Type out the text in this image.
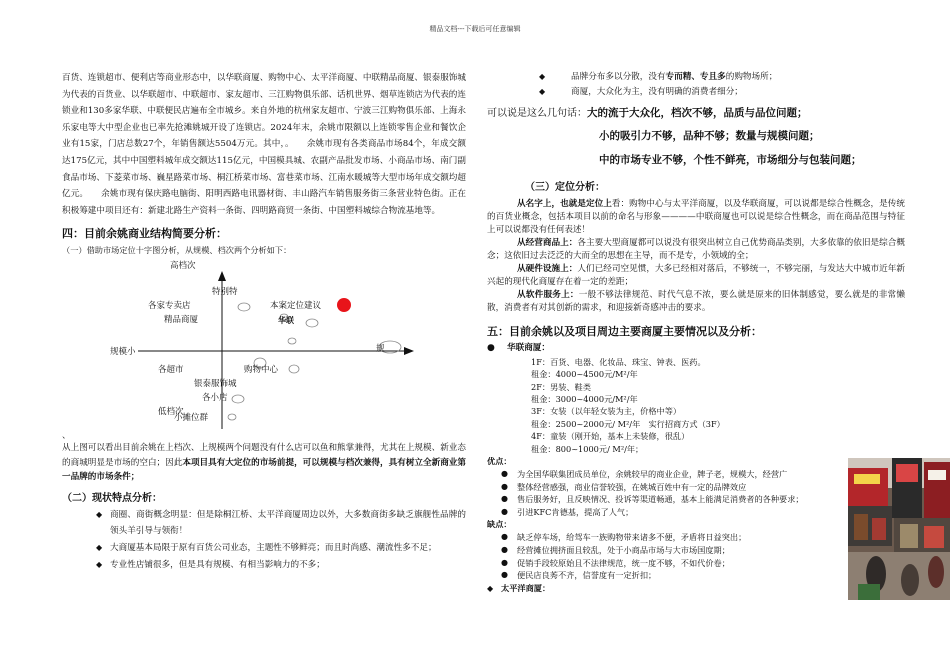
精品文档---下载后可任意编辑
百货、连锁超市、便利店等商业形态中，以华联商厦、购物中心、太平洋商厦、中联精品商厦、银泰服饰城为代表的百货业、以华联超市、中联超市、家友超市、三江购物俱乐部、话机世界、烟草连锁店为代表的连锁业和130多家华联、中联便民店遍布全市城乡。来自外地的杭州家友超市、宁波三江购物俱乐部、上海永乐家电等大中型企业也已率先抢滩姚城开设了连锁店。2024年末，余姚市限额以上连锁零售企业和餐饮企业有15家，门店总数27个，年销售额达5504万元。其中，。　　余姚市现有各类商品市场84个，年成交额达175亿元，其中中国塑料城年成交额达115亿元，中国模具城、农副产品批发市场、小商品市场、南门副食品市场、下菱菜市场、巍星路菜市场、桐江桥菜市场、富巷菜市场、江南水暖城等大型市场年成交额均超亿元。　　余姚市现有保庆路电脑街、阳明西路电讯器材街、丰山路汽车销售服务街三条营业特色街。正在积极筹建中项目还有：新建北路生产资料一条街、四明路商贸一条街、中国塑料城综合物流基地等。
四：目前余姚商业结构简要分析：
（一）借助市场定位十字图分析，从规模、档次两个分析如下：
高档次
低档次
规模小	规
特别特
各家专卖店
精品商厦
本案定位建议
华联
各超市	购物中心
银泰服饰城
各小店
小摊位群
、
从上图可以看出目前余姚在上档次、上规模两个问题没有什么店可以鱼和熊掌兼得，尤其在上规模、新业态的商城明显是市场的空白；因此本项目具有大定位的市场前提，可以规模与档次兼得，具有树立全新商业第一品牌的市场条件；
（二）现状特点分析：
◆ 商圈、商街概念明显：但是除桐江桥、太平洋商厦周边以外，大多数商街多缺乏旗舰性品牌的领头羊引导与领衔！
◆ 大商厦基本局限于原有百货公司业态，主题性不够鲜亮；而且时尚感、潮流性多不足；
◆ 专业性店铺很多，但是具有规模、有相当影响力的不多；
◆	品牌分布多以分散，没有专而精、专且多的购物场所；
◆	商厦，大众化为主，没有明确的消费者细分；
可以说是这么几句话：大的流于大众化，档次不够，品质与品位问题；
小的吸引力不够，品种不够；数量与规模问题；
中的市场专业不够，个性不鲜亮，市场细分与包装问题；
（三）定位分析：
从名字上，也就是定位上看：购物中心与太平洋商厦，以及华联商厦，可以说都是综合性概念，是传统的百货业概念，包括本项目以前的命名与形象————中联商厦也可以说是综合性概念，而在商品范围与特征上可以说都没有任何表述！
从经营商品上：各主要大型商厦都可以说没有很突出树立自己优势商品类别，大多依靠的依旧是综合概念；这依旧过去泛泛的大而全的思想在主导，而不是专，小领域的全；
从硬件设施上：人们已经司空见惯，大多已经相对落后，不够统一，不够完丽，与发达大中城市近年新兴起的现代化商厦存在着一定的差距；
从软件服务上：一般不够法律规范、时代气息不浓，要么就是原来的旧体制感觉，要么就是的非常懒散，消费者有对其创新的需求，和迎接新奇感冲击的要求。
五：目前余姚以及项目周边主要商厦主要情况以及分析：
● 华联商厦：
1F：百货、电器、化妆品、珠宝、钟表、医药。
租金：4000~4500元/M²/年
2F：男装、鞋类
租金：3000~4000元/M²/年
3F：女装（以年轻女装为主，价格中等）
租金：2500~2000元/ M²/年　实行招商方式（3F）
4F：童装（刚开始，基本上未装修，很乱）
租金：800~1000元/ M²/年；
优点：
● 为全国华联集团成员单位，余姚较早的商业企业，牌子老，规模大，经营广
● 整体经营感强，商业信誉较强，在姚城百姓中有一定的品牌效应
● 售后服务好，且反映情况、投诉等渠道畅通，基本上能满足消费者的各种要求；
● 引进KFC肯德基，提高了人气；
缺点：
● 缺乏停车场，给驾车一族购物带来诸多不便，矛盾将日益突出；
● 经营摊位拥挤面且较乱，处于小商品市场与大市场国度期；
● 促销手段较原始且不法律规范，统一度不够，不如代价卷；
● 便民店良莠不齐，信誉度有一定折扣；
◆ 太平洋商厦：
